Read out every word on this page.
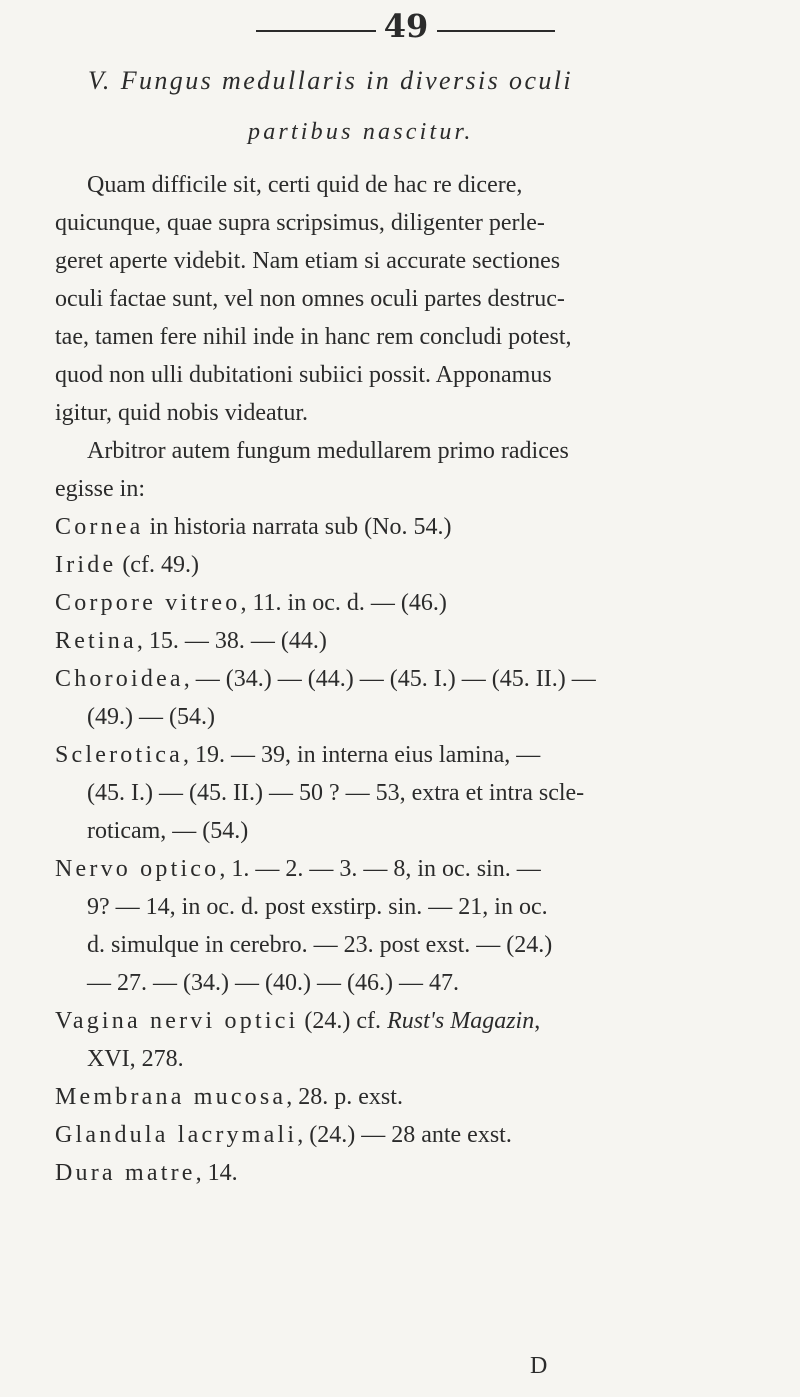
49
V. Fungus medullaris in diversis oculi
partibus nascitur.
Quam difficile sit, certi quid de hac re dicere,
quicunque, quae supra scripsimus, diligenter perle-
geret aperte videbit. Nam etiam si accurate sectiones
oculi factae sunt, vel non omnes oculi partes destruc-
tae, tamen fere nihil inde in hanc rem concludi potest,
quod non ulli dubitationi subiici possit. Apponamus
igitur, quid nobis videatur.
Arbitror autem fungum medullarem primo radices
egisse in:
Cornea in historia narrata sub (No. 54.)
Iride (cf. 49.)
Corpore vitreo, 11. in oc. d. — (46.)
Retina, 15. — 38. — (44.)
Choroidea, — (34.) — (44.) — (45. I.) — (45. II.) —
(49.) — (54.)
Sclerotica, 19. — 39, in interna eius lamina, —
(45. I.) — (45. II.) — 50 ? — 53, extra et intra scle-
roticam, — (54.)
Nervo optico, 1. — 2. — 3. — 8, in oc. sin. —
9? — 14, in oc. d. post exstirp. sin. — 21, in oc.
d. simulque in cerebro. — 23. post exst. — (24.)
— 27. — (34.) — (40.) — (46.) — 47.
Vagina nervi optici (24.) cf. Rust's Magazin,
XVI, 278.
Membrana mucosa, 28. p. exst.
Glandula lacrymali, (24.) — 28 ante exst.
Dura matre, 14.
D
